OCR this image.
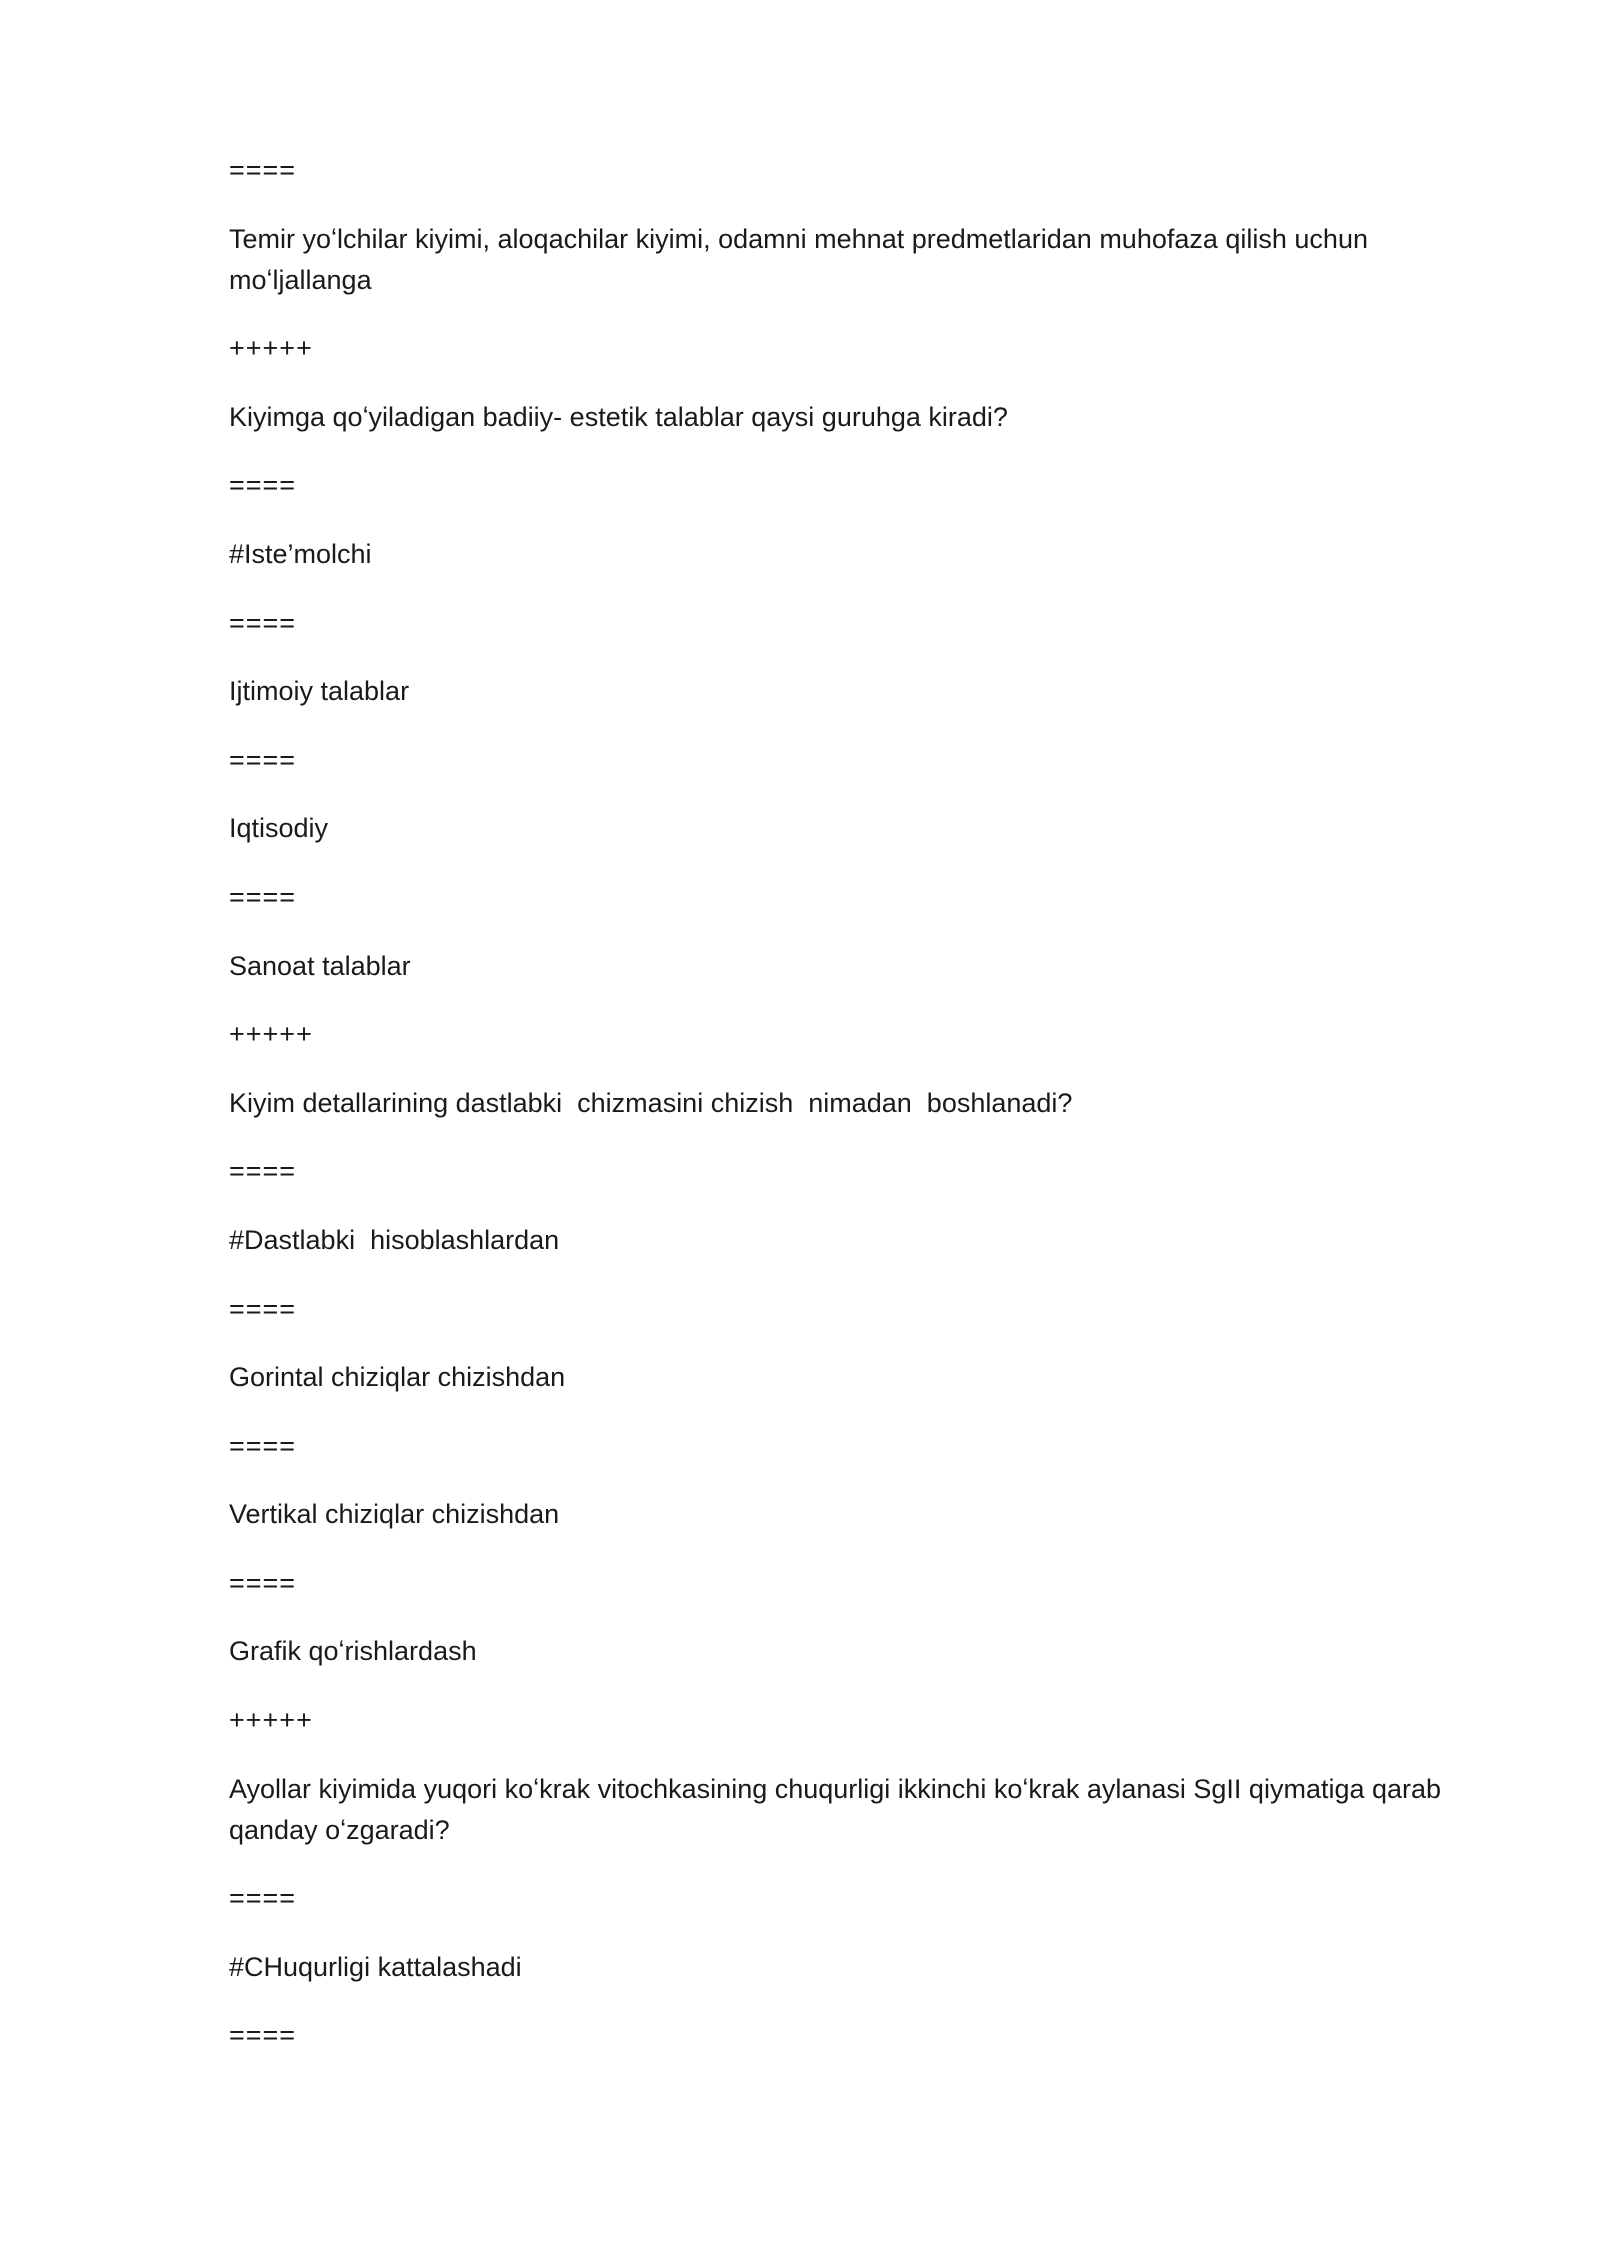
====
Temir yoʻlchilar kiyimi, aloqachilar kiyimi, odamni mehnat predmetlaridan muhofaza qilish uchun moʻljallanga
+++++
Kiyimga qoʻyiladigan badiiy- estetik talablar qaysi guruhga kiradi?
====
#Iste’molchi
====
Ijtimoiy talablar
====
Iqtisodiy
====
Sanoat talablar
+++++
Kiyim detallarining dastlabki  chizmasini chizish  nimadan  boshlanadi?
====
#Dastlabki  hisoblashlardan
====
Gorintal chiziqlar chizishdan
====
Vertikal chiziqlar chizishdan
====
Grafik qoʻrishlardash
+++++
Ayollar kiyimida yuqori koʻkrak vitochkasining chuqurligi ikkinchi koʻkrak aylanasi SgII qiymatiga qarab qanday oʻzgaradi?
====
#CHuqurligi kattalashadi
====
